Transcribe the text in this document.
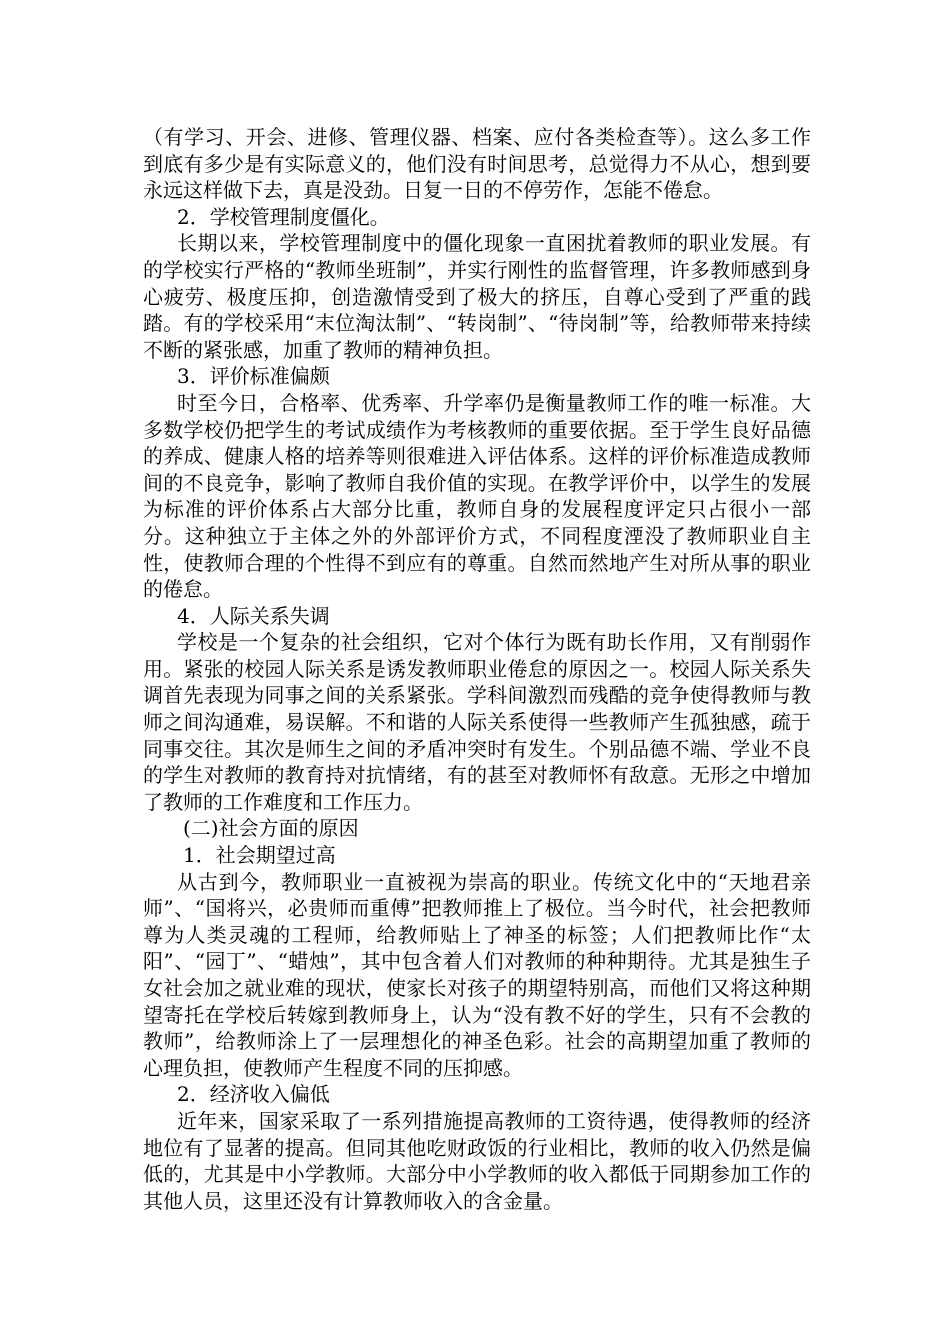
（有学习、开会、进修、管理仪器、档案、应付各类检查等）。这么多工作到底有多少是有实际意义的，他们没有时间思考，总觉得力不从心，想到要永远这样做下去，真是没劲。日复一日的不停劳作，怎能不倦怠。

2．学校管理制度僵化。

长期以来，学校管理制度中的僵化现象一直困扰着教师的职业发展。有的学校实行严格的“教师坐班制”，并实行刚性的监督管理，许多教师感到身心疲劳、极度压抑，创造激情受到了极大的挤压，自尊心受到了严重的践踏。有的学校采用“末位淘汰制”、“转岗制”、“待岗制”等，给教师带来持续不断的紧张感，加重了教师的精神负担。

3．评价标准偏颇

时至今日，合格率、优秀率、升学率仍是衡量教师工作的唯一标准。大多数学校仍把学生的考试成绩作为考核教师的重要依据。至于学生良好品德的养成、健康人格的培养等则很难进入评估体系。这样的评价标准造成教师间的不良竞争，影响了教师自我价值的实现。在教学评价中，以学生的发展为标准的评价体系占大部分比重，教师自身的发展程度评定只占很小一部分。这种独立于主体之外的外部评价方式，不同程度湮没了教师职业自主性，使教师合理的个性得不到应有的尊重。自然而然地产生对所从事的职业的倦怠。

4．人际关系失调

学校是一个复杂的社会组织，它对个体行为既有助长作用，又有削弱作用。紧张的校园人际关系是诱发教师职业倦怠的原因之一。校园人际关系失调首先表现为同事之间的关系紧张。学科间激烈而残酷的竞争使得教师与教师之间沟通难，易误解。不和谐的人际关系使得一些教师产生孤独感，疏于同事交往。其次是师生之间的矛盾冲突时有发生。个别品德不端、学业不良的学生对教师的教育持对抗情绪，有的甚至对教师怀有敌意。无形之中增加了教师的工作难度和工作压力。

(二)社会方面的原因

1．社会期望过高

从古到今，教师职业一直被视为崇高的职业。传统文化中的“天地君亲师”、“国将兴，必贵师而重傅”把教师推上了极位。当今时代，社会把教师尊为人类灵魂的工程师，给教师贴上了神圣的标签；人们把教师比作“太阳”、“园丁”、“蜡烛”，其中包含着人们对教师的种种期待。尤其是独生子女社会加之就业难的现状，使家长对孩子的期望特别高，而他们又将这种期望寄托在学校后转嫁到教师身上，认为“没有教不好的学生，只有不会教的教师”，给教师涂上了一层理想化的神圣色彩。社会的高期望加重了教师的心理负担，使教师产生程度不同的压抑感。

2．经济收入偏低

近年来，国家采取了一系列措施提高教师的工资待遇，使得教师的经济地位有了显著的提高。但同其他吃财政饭的行业相比，教师的收入仍然是偏低的，尤其是中小学教师。大部分中小学教师的收入都低于同期参加工作的其他人员，这里还没有计算教师收入的含金量。
